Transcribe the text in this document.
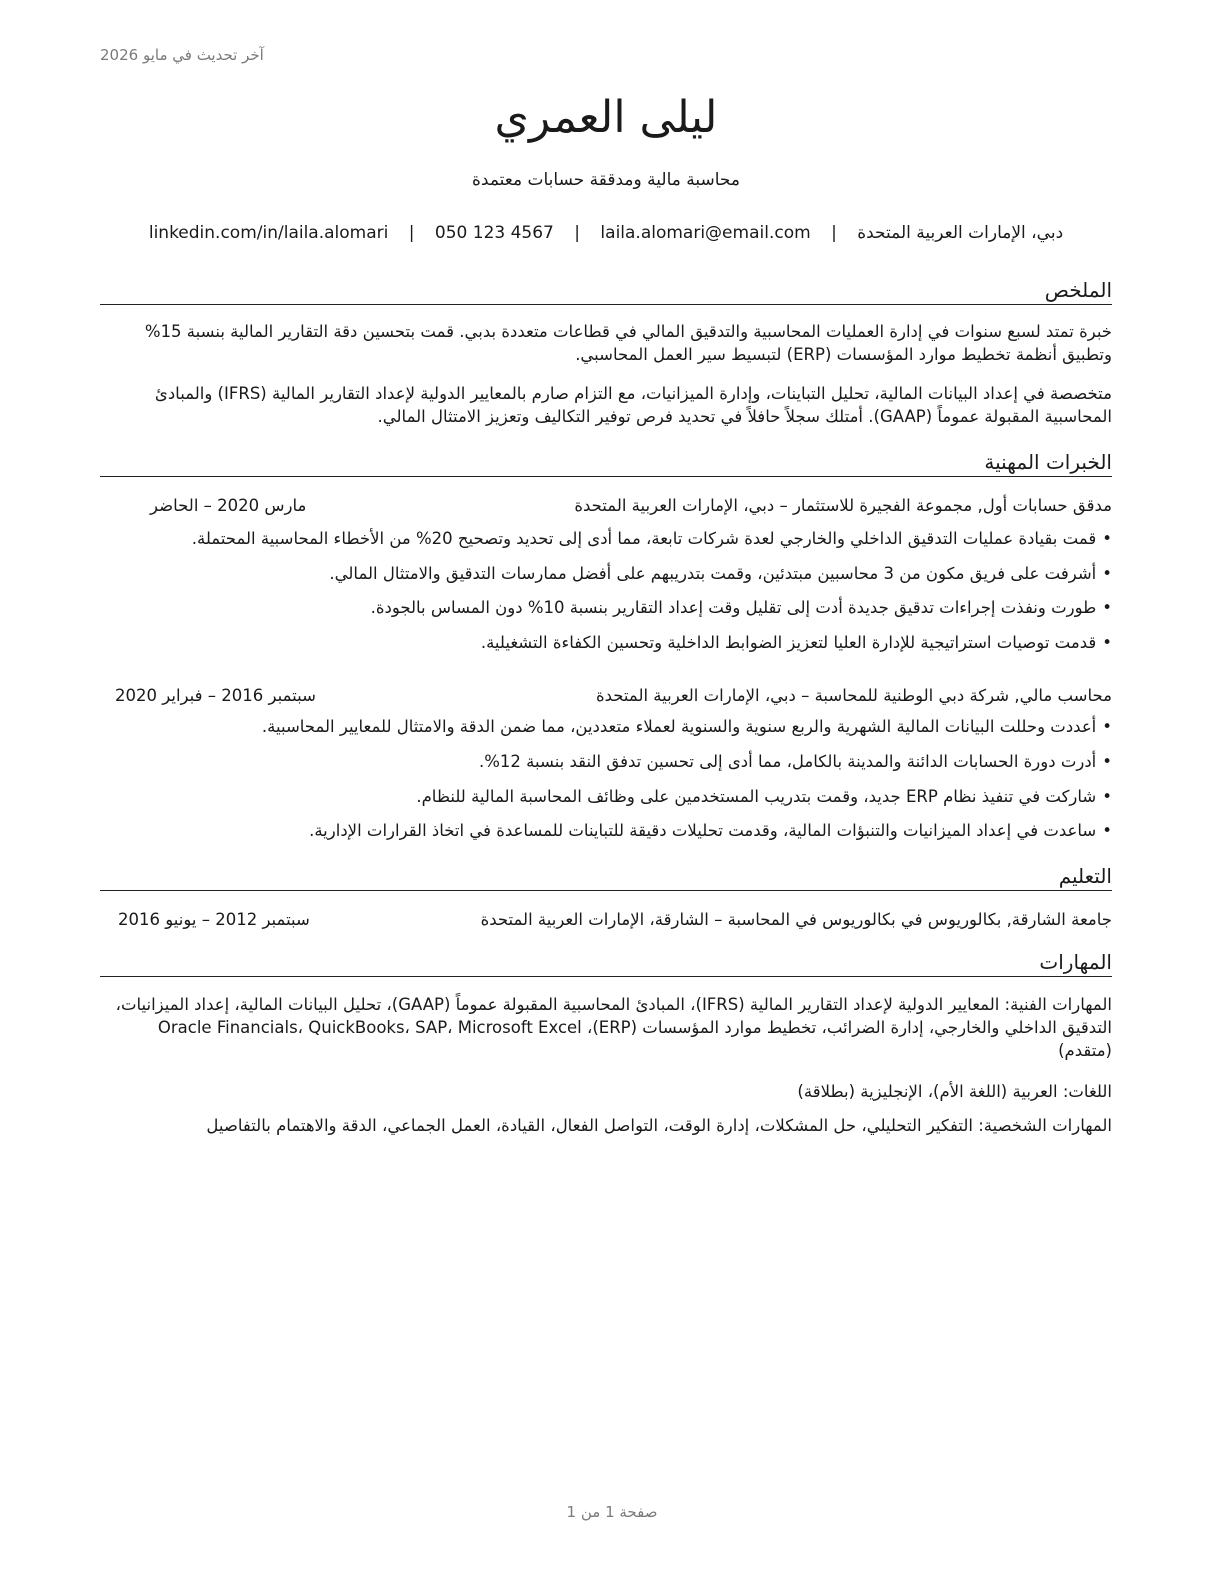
آخر تحديث في مايو 2026
ليلى العمري
محاسبة مالية ومدققة حسابات معتمدة
دبي، الإمارات العربية المتحدة | laila.alomari@email.com | 050 123 4567 | linkedin.com/in/laila.alomari
الملخص
خبرة تمتد لسبع سنوات في إدارة العمليات المحاسبية والتدقيق المالي في قطاعات متعددة بدبي. قمت بتحسين دقة التقارير المالية بنسبة 15% وتطبيق أنظمة تخطيط موارد المؤسسات (ERP) لتبسيط سير العمل المحاسبي.
متخصصة في إعداد البيانات المالية، تحليل التباينات، وإدارة الميزانيات، مع التزام صارم بالمعايير الدولية لإعداد التقارير المالية (IFRS) والمبادئ المحاسبية المقبولة عموماً (GAAP). أمتلك سجلاً حافلاً في تحديد فرص توفير التكاليف وتعزيز الامتثال المالي.
الخبرات المهنية
مدقق حسابات أول, مجموعة الفجيرة للاستثمار – دبي، الإمارات العربية المتحدة
مارس 2020 – الحاضر
•قمت بقيادة عمليات التدقيق الداخلي والخارجي لعدة شركات تابعة، مما أدى إلى تحديد وتصحيح 20% من الأخطاء المحاسبية المحتملة.
•أشرفت على فريق مكون من 3 محاسبين مبتدئين، وقمت بتدريبهم على أفضل ممارسات التدقيق والامتثال المالي.
•طورت ونفذت إجراءات تدقيق جديدة أدت إلى تقليل وقت إعداد التقارير بنسبة 10% دون المساس بالجودة.
•قدمت توصيات استراتيجية للإدارة العليا لتعزيز الضوابط الداخلية وتحسين الكفاءة التشغيلية.
محاسب مالي, شركة دبي الوطنية للمحاسبة – دبي، الإمارات العربية المتحدة
سبتمبر 2016 – فبراير 2020
•أعددت وحللت البيانات المالية الشهرية والربع سنوية والسنوية لعملاء متعددين، مما ضمن الدقة والامتثال للمعايير المحاسبية.
•أدرت دورة الحسابات الدائنة والمدينة بالكامل، مما أدى إلى تحسين تدفق النقد بنسبة 12%.
•شاركت في تنفيذ نظام ERP جديد، وقمت بتدريب المستخدمين على وظائف المحاسبة المالية للنظام.
•ساعدت في إعداد الميزانيات والتنبؤات المالية، وقدمت تحليلات دقيقة للتباينات للمساعدة في اتخاذ القرارات الإدارية.
التعليم
جامعة الشارقة, بكالوريوس في بكالوريوس في المحاسبة – الشارقة، الإمارات العربية المتحدة
سبتمبر 2012 – يونيو 2016
المهارات
المهارات الفنية: المعايير الدولية لإعداد التقارير المالية (IFRS)، المبادئ المحاسبية المقبولة عموماً (GAAP)، تحليل البيانات المالية، إعداد الميزانيات، التدقيق الداخلي والخارجي، إدارة الضرائب، تخطيط موارد المؤسسات (ERP)، Oracle Financials، QuickBooks، SAP، Microsoft Excel (متقدم)
اللغات: العربية (اللغة الأم)، الإنجليزية (بطلاقة)
المهارات الشخصية: التفكير التحليلي، حل المشكلات، إدارة الوقت، التواصل الفعال، القيادة، العمل الجماعي، الدقة والاهتمام بالتفاصيل
صفحة 1 من 1
